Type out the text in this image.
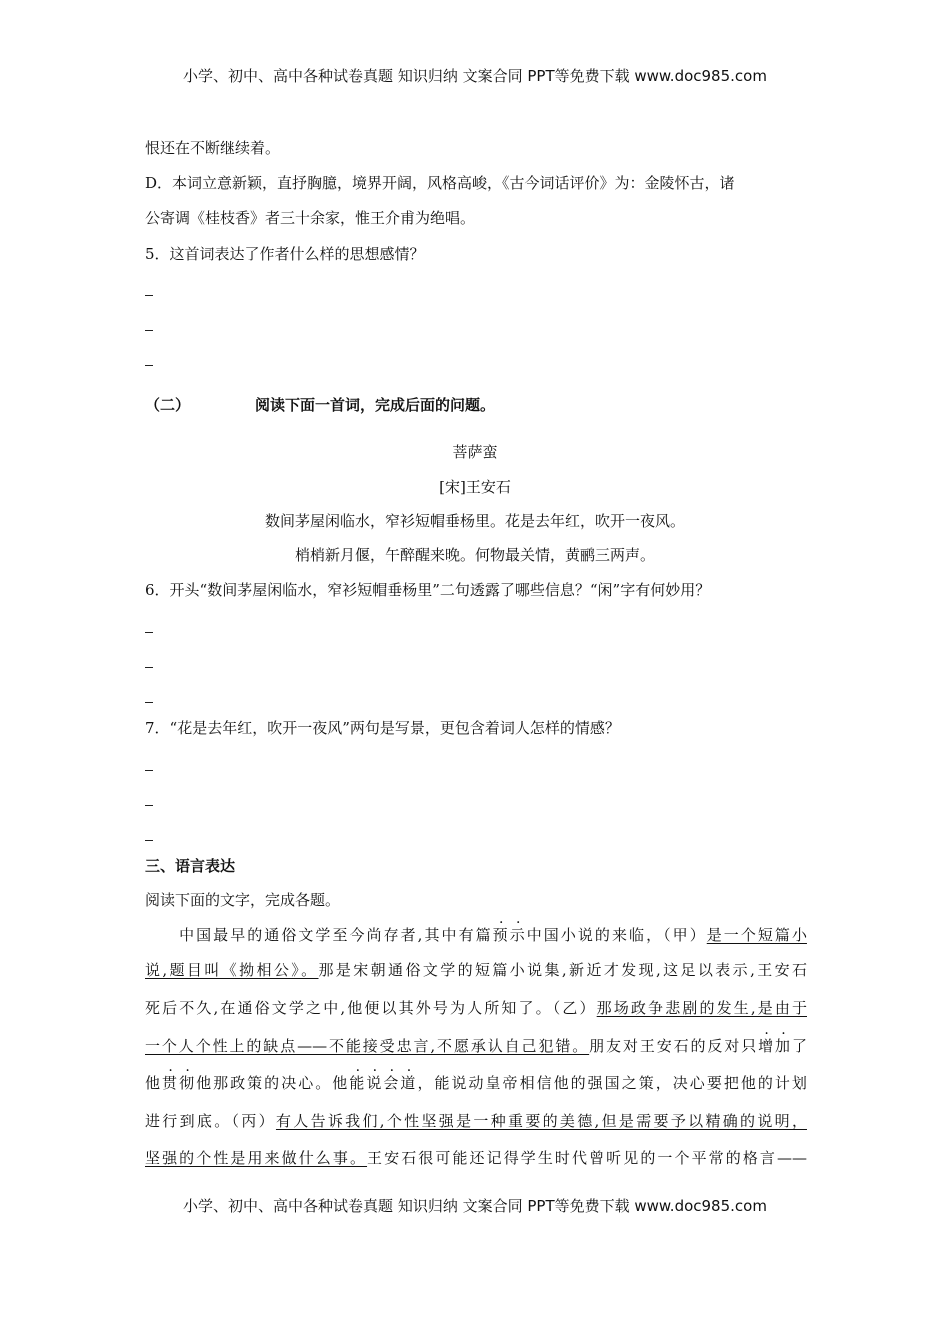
小学、初中、高中各种试卷真题 知识归纳 文案合同 PPT等免费下载 www.doc985.com
恨还在不断继续着。
D．本词立意新颖，直抒胸臆，境界开阔，风格高峻，《古今词话评价》为：金陵怀古，诸
公寄调《桂枝香》者三十余家，惟王介甫为绝唱。
5．这首词表达了作者什么样的思想感情？
（二）	阅读下面一首词，完成后面的问题。
菩萨蛮
[宋]王安石
数间茅屋闲临水，窄衫短帽垂杨里。花是去年红，吹开一夜风。
梢梢新月偃，午醉醒来晚。何物最关情，黄鹂三两声。
6．开头“数间茅屋闲临水，窄衫短帽垂杨里”二句透露了哪些信息？“闲”字有何妙用？
7．“花是去年红，吹开一夜风”两句是写景，更包含着词人怎样的情感？
三、语言表达
阅读下面的文字，完成各题。
　　中国最早的通俗文学至今尚存者,其中有篇预示中国小说的来临，（甲）是一个短篇小
说,题目叫《拗相公》。那是宋朝通俗文学的短篇小说集,新近才发现,这足以表示,王安石
死后不久,在通俗文学之中,他便以其外号为人所知了。（乙）那场政争悲剧的发生,是由于
一个人个性上的缺点——不能接受忠言,不愿承认自己犯错。朋友对王安石的反对只增加了
他贯彻他那政策的决心。他能说会道，能说动皇帝相信他的强国之策，决心要把他的计划
进行到底。（丙）有人告诉我们,个性坚强是一种重要的美德,但是需要予以精确的说明，
坚强的个性是用来做什么事。王安石很可能还记得学生时代曾听见的一个平常的格言——
小学、初中、高中各种试卷真题 知识归纳 文案合同 PPT等免费下载 www.doc985.com
